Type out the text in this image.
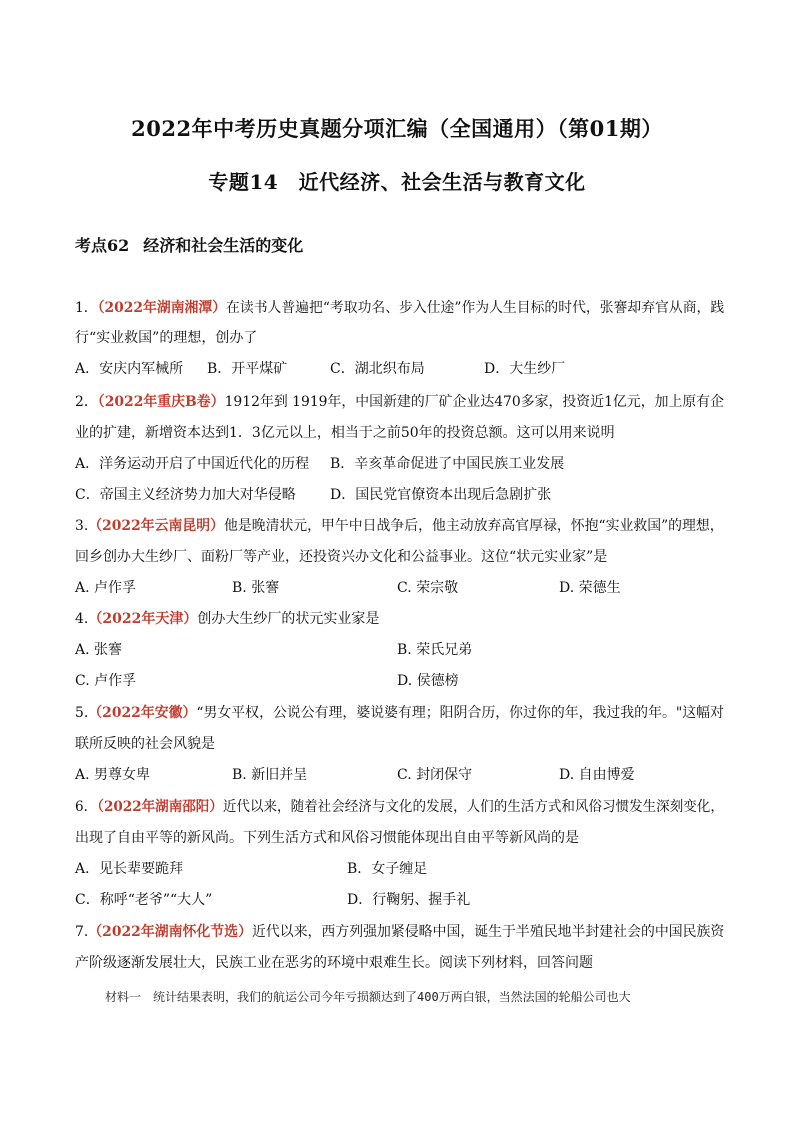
2022年中考历史真题分项汇编（全国通用）（第01期）
专题14　近代经济、社会生活与教育文化
考点62 经济和社会生活的变化
1．（2022年湖南湘潭）在读书人普遍把“考取功名、步入仕途”作为人生目标的时代，张謇却弃官从商，践
行“实业救国”的理想，创办了
A．安庆内军械所 B．开平煤矿	C．湖北织布局	D．大生纱厂
2．（2022年重庆B卷）1912年到 1919年，中国新建的厂矿企业达470多家，投资近1亿元，加上原有企
业的扩建，新增资本达到1．3亿元以上，相当于之前50年的投资总额。这可以用来说明
A．洋务运动开启了中国近代化的历程 B．辛亥革命促进了中国民族工业发展
C．帝国主义经济势力加大对华侵略 D．国民党官僚资本出现后急剧扩张
3.（2022年云南昆明）他是晚清状元，甲午中日战争后，他主动放弃高官厚禄，怀抱“实业救国”的理想，
回乡创办大生纱厂、面粉厂等产业，还投资兴办文化和公益事业。这位“状元实业家”是
A. 卢作孚	B. 张謇	C. 荣宗敬	D. 荣德生
4.（2022年天津）创办大生纱厂的状元实业家是
A. 张謇	B. 荣氏兄弟
C. 卢作孚	D. 侯德榜
5.（2022年安徽）“男女平权，公说公有理，婆说婆有理；阳阴合历，你过你的年，我过我的年。"这幅对
联所反映的社会风貌是
A. 男尊女卑	B. 新旧并呈	C. 封闭保守	D. 自由博爱
6．（2022年湖南邵阳）近代以来，随着社会经济与文化的发展，人们的生活方式和风俗习惯发生深刻变化，
出现了自由平等的新风尚。下列生活方式和风俗习惯能体现出自由平等新风尚的是
A．见长辈要跪拜	B．女子缠足
C．称呼“老爷”“大人”	D．行鞠躬、握手礼
7.（2022年湖南怀化节选）近代以来，西方列强加紧侵略中国，诞生于半殖民地半封建社会的中国民族资
产阶级逐渐发展壮大，民族工业在恶劣的环境中艰难生长。阅读下列材料，回答问题
材料一　统计结果表明，我们的航运公司今年亏损额达到了400万两白银，当然法国的轮船公司也大
